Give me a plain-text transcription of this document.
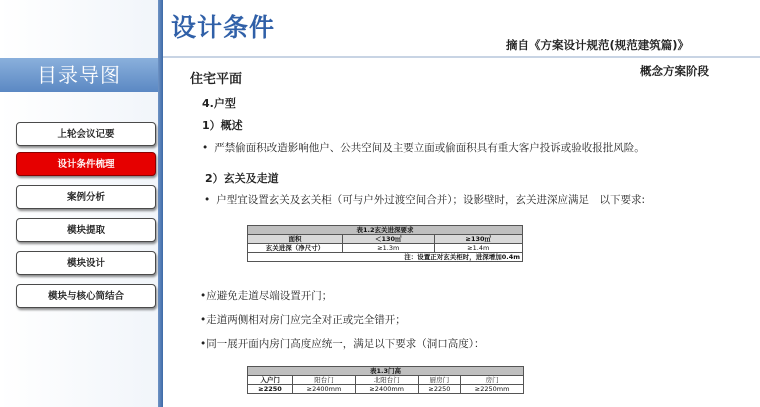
目录导图
上轮会议记要
设计条件梳理
案例分析
模块提取
模块设计
模块与核心筒结合
设计条件
摘自《方案设计规范(规范建筑篇)》
概念方案阶段
住宅平面
4.户型
1）概述
• 严禁偷面积改造影响他户、公共空间及主要立面或偷面积具有重大客户投诉或验收报批风险。
2）玄关及走道
• 户型宜设置玄关及玄关柜（可与户外过渡空间合并）；设影壁时，玄关进深应满足　以下要求:
表1.2玄关进深要求		
面积	＜130㎡	≥130㎡
玄关进深（净尺寸）	≥1.3m	≥1.4m
注：设置正对玄关柜时，进深增加0.4m		
•应避免走道尽端设置开门；
•走道两侧相对房门应完全对正或完全错开；
•同一展开面内房门高度应统一，满足以下要求（洞口高度）：
表1.3门高				
入户门	阳台门	北阳台门	厨房门	房门
≥2250	≥2400mm	≥2400mm	≥2250	≥2250mm
